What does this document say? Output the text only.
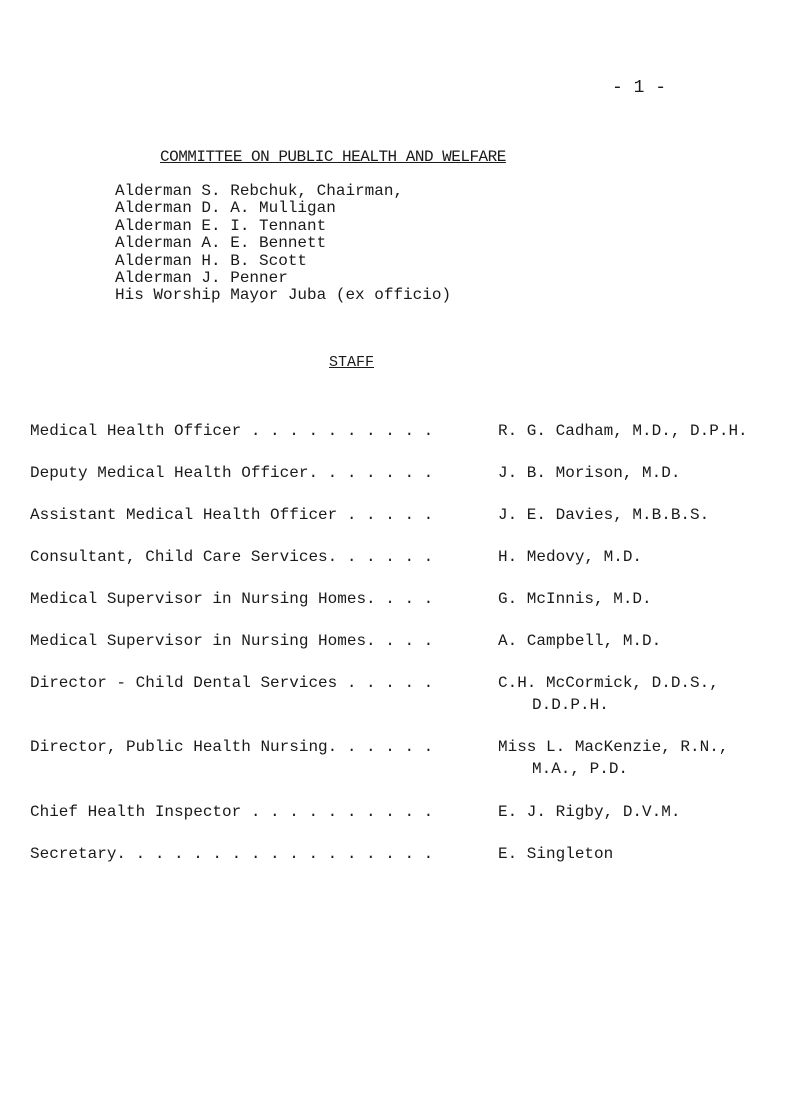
- 1 -
COMMITTEE ON PUBLIC HEALTH AND WELFARE
Alderman S. Rebchuk, Chairman,
Alderman D. A. Mulligan
Alderman E. I. Tennant
Alderman A. E. Bennett
Alderman H. B. Scott
Alderman J. Penner
His Worship Mayor Juba (ex officio)
STAFF
Medical Health Officer . . . . . . . . . .	R. G. Cadham, M.D., D.P.H.
Deputy Medical Health Officer. . . . . . .	J. B. Morison, M.D.
Assistant Medical Health Officer . . . . .	J. E. Davies, M.B.B.S.
Consultant, Child Care Services. . . . . .	H. Medovy, M.D.
Medical Supervisor in Nursing Homes. . . .	G. McInnis, M.D.
Medical Supervisor in Nursing Homes. . . .	A. Campbell, M.D.
Director - Child Dental Services . . . . .	C.H. McCormick, D.D.S.,
D.D.P.H.
Director, Public Health Nursing. . . . . .	Miss L. MacKenzie, R.N.,
M.A., P.D.
Chief Health Inspector . . . . . . . . . .	E. J. Rigby, D.V.M.
Secretary. . . . . . . . . . . . . . . . .	E. Singleton
